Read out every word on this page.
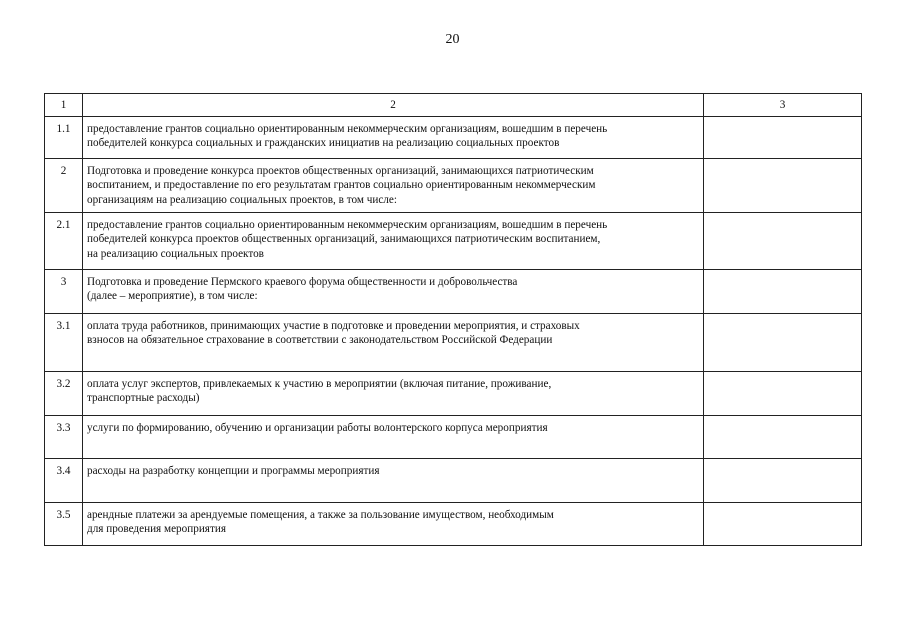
20
1	2	3
1.1	предоставление грантов социально ориентированным некоммерческим организациям, вошедшим в перечень
победителей конкурса социальных и гражданских инициатив на реализацию социальных проектов	

2	Подготовка и проведение конкурса проектов общественных организаций, занимающихся патриотическим
воспитанием, и предоставление по его результатам грантов социально ориентированным некоммерческим
организациям на реализацию социальных проектов, в том числе:	

2.1	предоставление грантов социально ориентированным некоммерческим организациям, вошедшим в перечень
победителей конкурса проектов общественных организаций, занимающихся патриотическим воспитанием,
на реализацию социальных проектов	

3	Подготовка и проведение Пермского краевого форума общественности и добровольчества
(далее – мероприятие), в том числе:	

3.1	оплата труда работников, принимающих участие в подготовке и проведении мероприятия, и страховых
взносов на обязательное страхование в соответствии с законодательством Российской Федерации	

3.2	оплата услуг экспертов, привлекаемых к участию в мероприятии (включая питание, проживание,
транспортные расходы)	

3.3	услуги по формированию, обучению и организации работы волонтерского корпуса мероприятия	

3.4	расходы на разработку концепции и программы мероприятия	

3.5	арендные платежи за арендуемые помещения, а также за пользование имуществом, необходимым
для проведения мероприятия	
